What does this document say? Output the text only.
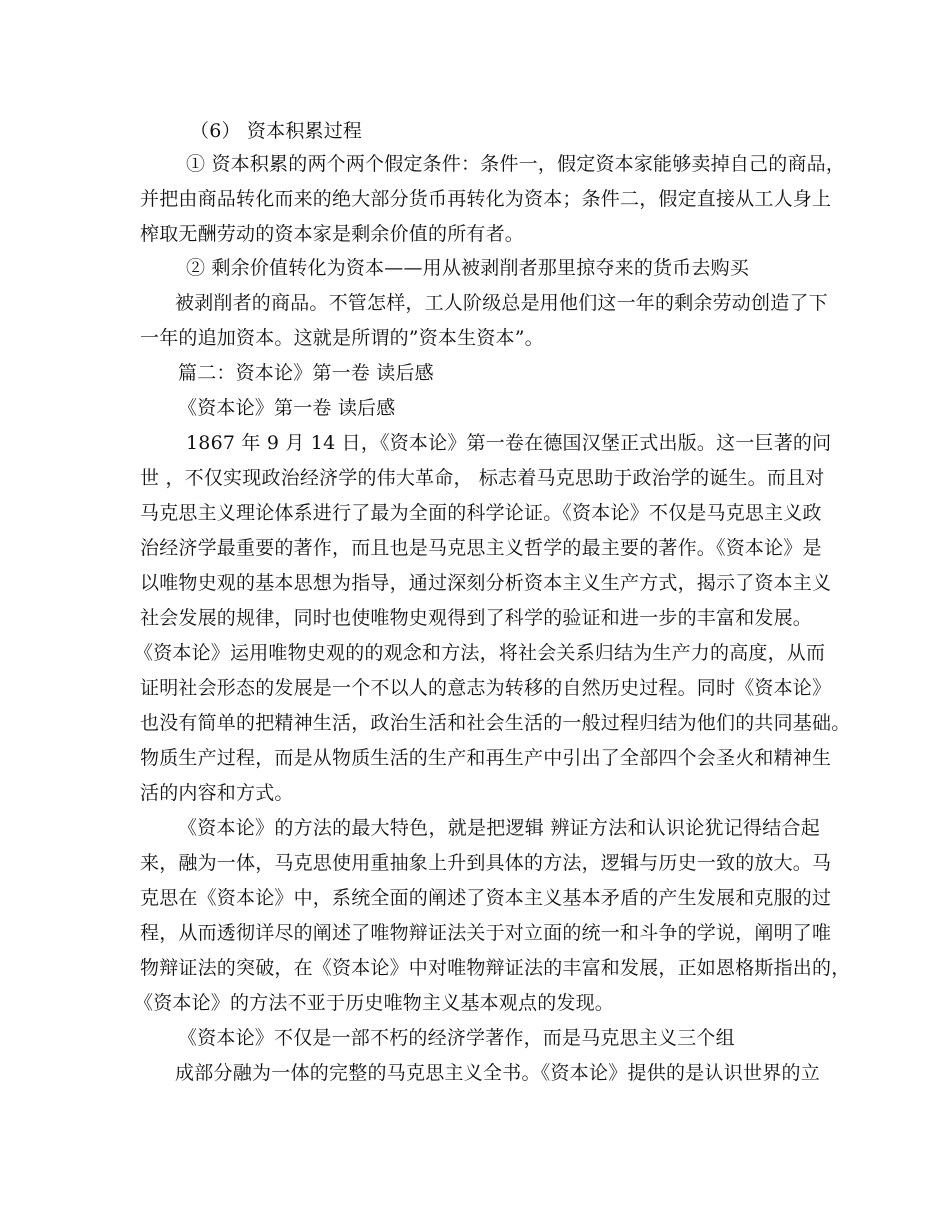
（6） 资本积累过程
① 资本积累的两个两个假定条件：条件一，假定资本家能够卖掉自己的商品，
并把由商品转化而来的绝大部分货币再转化为资本；条件二，假定直接从工人身上
榨取无酬劳动的资本家是剩余价值的所有者。
② 剩余价值转化为资本——用从被剥削者那里掠夺来的货币去购买
被剥削者的商品。不管怎样，工人阶级总是用他们这一年的剩余劳动创造了下
一年的追加资本。这就是所谓的”资本生资本”。
篇二：资本论》第一卷 读后感
《资本论》第一卷 读后感
1867 年 9 月 14 日，《资本论》第一卷在德国汉堡正式出版。这一巨著的问
世 ，不仅实现政治经济学的伟大革命， 标志着马克思助于政治学的诞生。而且对
马克思主义理论体系进行了最为全面的科学论证。《资本论》不仅是马克思主义政
治经济学最重要的著作，而且也是马克思主义哲学的最主要的著作。《资本论》是
以唯物史观的基本思想为指导，通过深刻分析资本主义生产方式，揭示了资本主义
社会发展的规律，同时也使唯物史观得到了科学的验证和进一步的丰富和发展。
《资本论》运用唯物史观的的观念和方法，将社会关系归结为生产力的高度，从而
证明社会形态的发展是一个不以人的意志为转移的自然历史过程。同时《资本论》
也没有简单的把精神生活，政治生活和社会生活的一般过程归结为他们的共同基础。
物质生产过程，而是从物质生活的生产和再生产中引出了全部四个会圣火和精神生
活的内容和方式。
《资本论》的方法的最大特色，就是把逻辑 辨证方法和认识论犹记得结合起
来，融为一体，马克思使用重抽象上升到具体的方法，逻辑与历史一致的放大。马
克思在《资本论》中，系统全面的阐述了资本主义基本矛盾的产生发展和克服的过
程，从而透彻详尽的阐述了唯物辩证法关于对立面的统一和斗争的学说，阐明了唯
物辩证法的突破，在《资本论》中对唯物辩证法的丰富和发展，正如恩格斯指出的，
《资本论》的方法不亚于历史唯物主义基本观点的发现。
《资本论》不仅是一部不朽的经济学著作，而是马克思主义三个组
成部分融为一体的完整的马克思主义全书。《资本论》提供的是认识世界的立
